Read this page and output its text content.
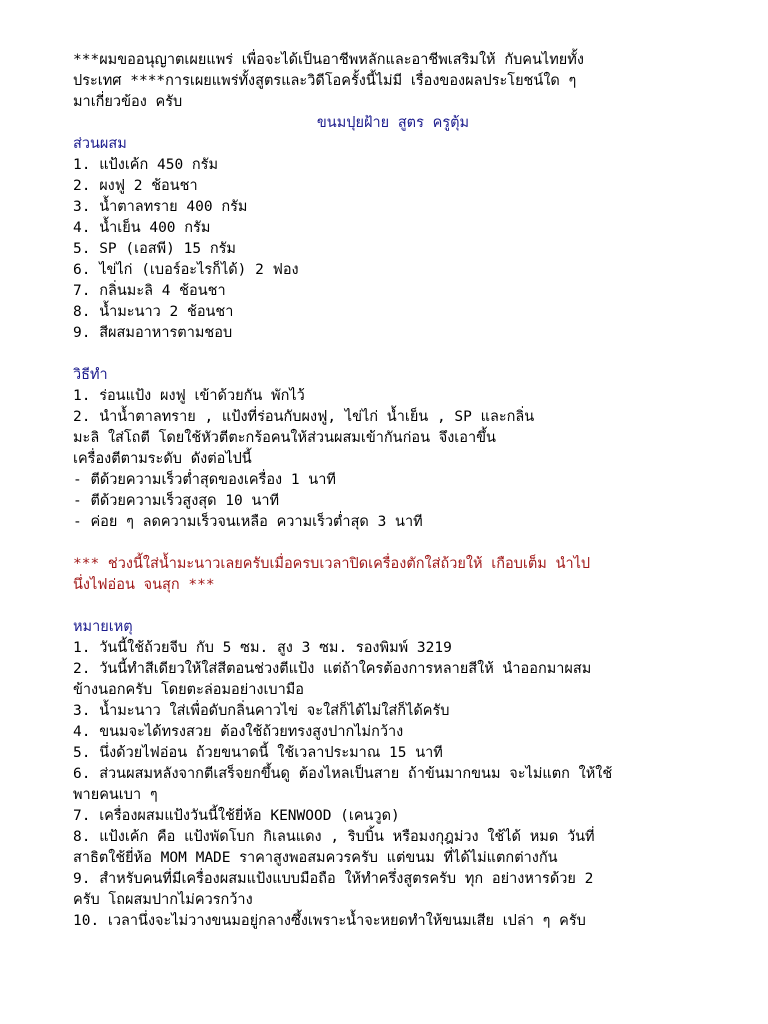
***ผมขออนุญาตเผยแพร่ เพื่อจะได้เป็นอาชีพหลักและอาชีพเสริมให้ กับคนไทยทั้ง

ประเทศ ****การเผยแพร่ทั้งสูตรและวิดีโอครั้งนี้ไม่มี เรื่องของผลประโยชน์ใด ๆ

มาเกี่ยวข้อง ครับ

ขนมปุยฝ้าย สูตร ครูตุ้ม

ส่วนผสม

1. แป้งเค้ก 450 กรัม

2. ผงฟู 2 ช้อนชา

3. น้ำตาลทราย 400 กรัม

4. น้ำเย็น 400 กรัม

5. SP (เอสพี) 15 กรัม

6. ไข่ไก่ (เบอร์อะไรก็ได้) 2 ฟอง

7. กลิ่นมะลิ 4 ช้อนชา

8. น้ำมะนาว 2 ช้อนชา

9. สีผสมอาหารตามชอบ

วิธีทำ

1. ร่อนแป้ง ผงฟู เข้าด้วยกัน พักไว้

2. นำน้ำตาลทราย , แป้งที่ร่อนกับผงฟู, ไข่ไก่ น้ำเย็น , SP และกลิ่น

มะลิ ใส่โถตี โดยใช้หัวตีตะกร้อคนให้ส่วนผสมเข้ากันก่อน จึงเอาขึ้น

เครื่องตีตามระดับ ดังต่อไปนี้

- ตีด้วยความเร็วต่ำสุดของเครื่อง 1 นาที

- ตีด้วยความเร็วสูงสุด 10 นาที

- ค่อย ๆ ลดความเร็วจนเหลือ ความเร็วต่ำสุด 3 นาที

*** ช่วงนี้ใส่น้ำมะนาวเลยครับเมื่อครบเวลาปิดเครื่องตักใส่ถ้วยให้ เกือบเต็ม นำไป

นึ่งไฟอ่อน จนสุก ***

หมายเหตุ

1. วันนี้ใช้ถ้วยจีบ กับ 5 ซม. สูง 3 ซม. รองพิมพ์ 3219

2. วันนี้ทำสีเดียวให้ใส่สีตอนช่วงตีแป้ง แต่ถ้าใครต้องการหลายสีให้ นำออกมาผสม

ข้างนอกครับ โดยตะล่อมอย่างเบามือ

3. น้ำมะนาว ใส่เพื่อดับกลิ่นคาวไข่ จะใส่ก็ได้ไม่ใส่ก็ได้ครับ

4. ขนมจะได้ทรงสวย ต้องใช้ถ้วยทรงสูงปากไม่กว้าง

5. นึ่งด้วยไฟอ่อน ถ้วยขนาดนี้ ใช้เวลาประมาณ 15 นาที

6. ส่วนผสมหลังจากตีเสร็จยกขึ้นดู ต้องไหลเป็นสาย ถ้าข้นมากขนม จะไม่แตก ให้ใช้

พายคนเบา ๆ

7. เครื่องผสมแป้งวันนี้ใช้ยี่ห้อ KENWOOD (เคนวูด)

8. แป้งเค้ก คือ แป้งพัดโบก กิเลนแดง , ริบบิ้น หรือมงกุฎม่วง ใช้ได้ หมด วันที่

สาธิตใช้ยี่ห้อ MOM MADE ราคาสูงพอสมควรครับ แต่ขนม ที่ได้ไม่แตกต่างกัน

9. สำหรับคนที่มีเครื่องผสมแป้งแบบมือถือ ให้ทำครึ่งสูตรครับ ทุก อย่างหารด้วย 2

ครับ โถผสมปากไม่ควรกว้าง

10. เวลานึ่งจะไม่วางขนมอยู่กลางซึ้งเพราะน้ำจะหยดทำให้ขนมเสีย เปล่า ๆ ครับ
